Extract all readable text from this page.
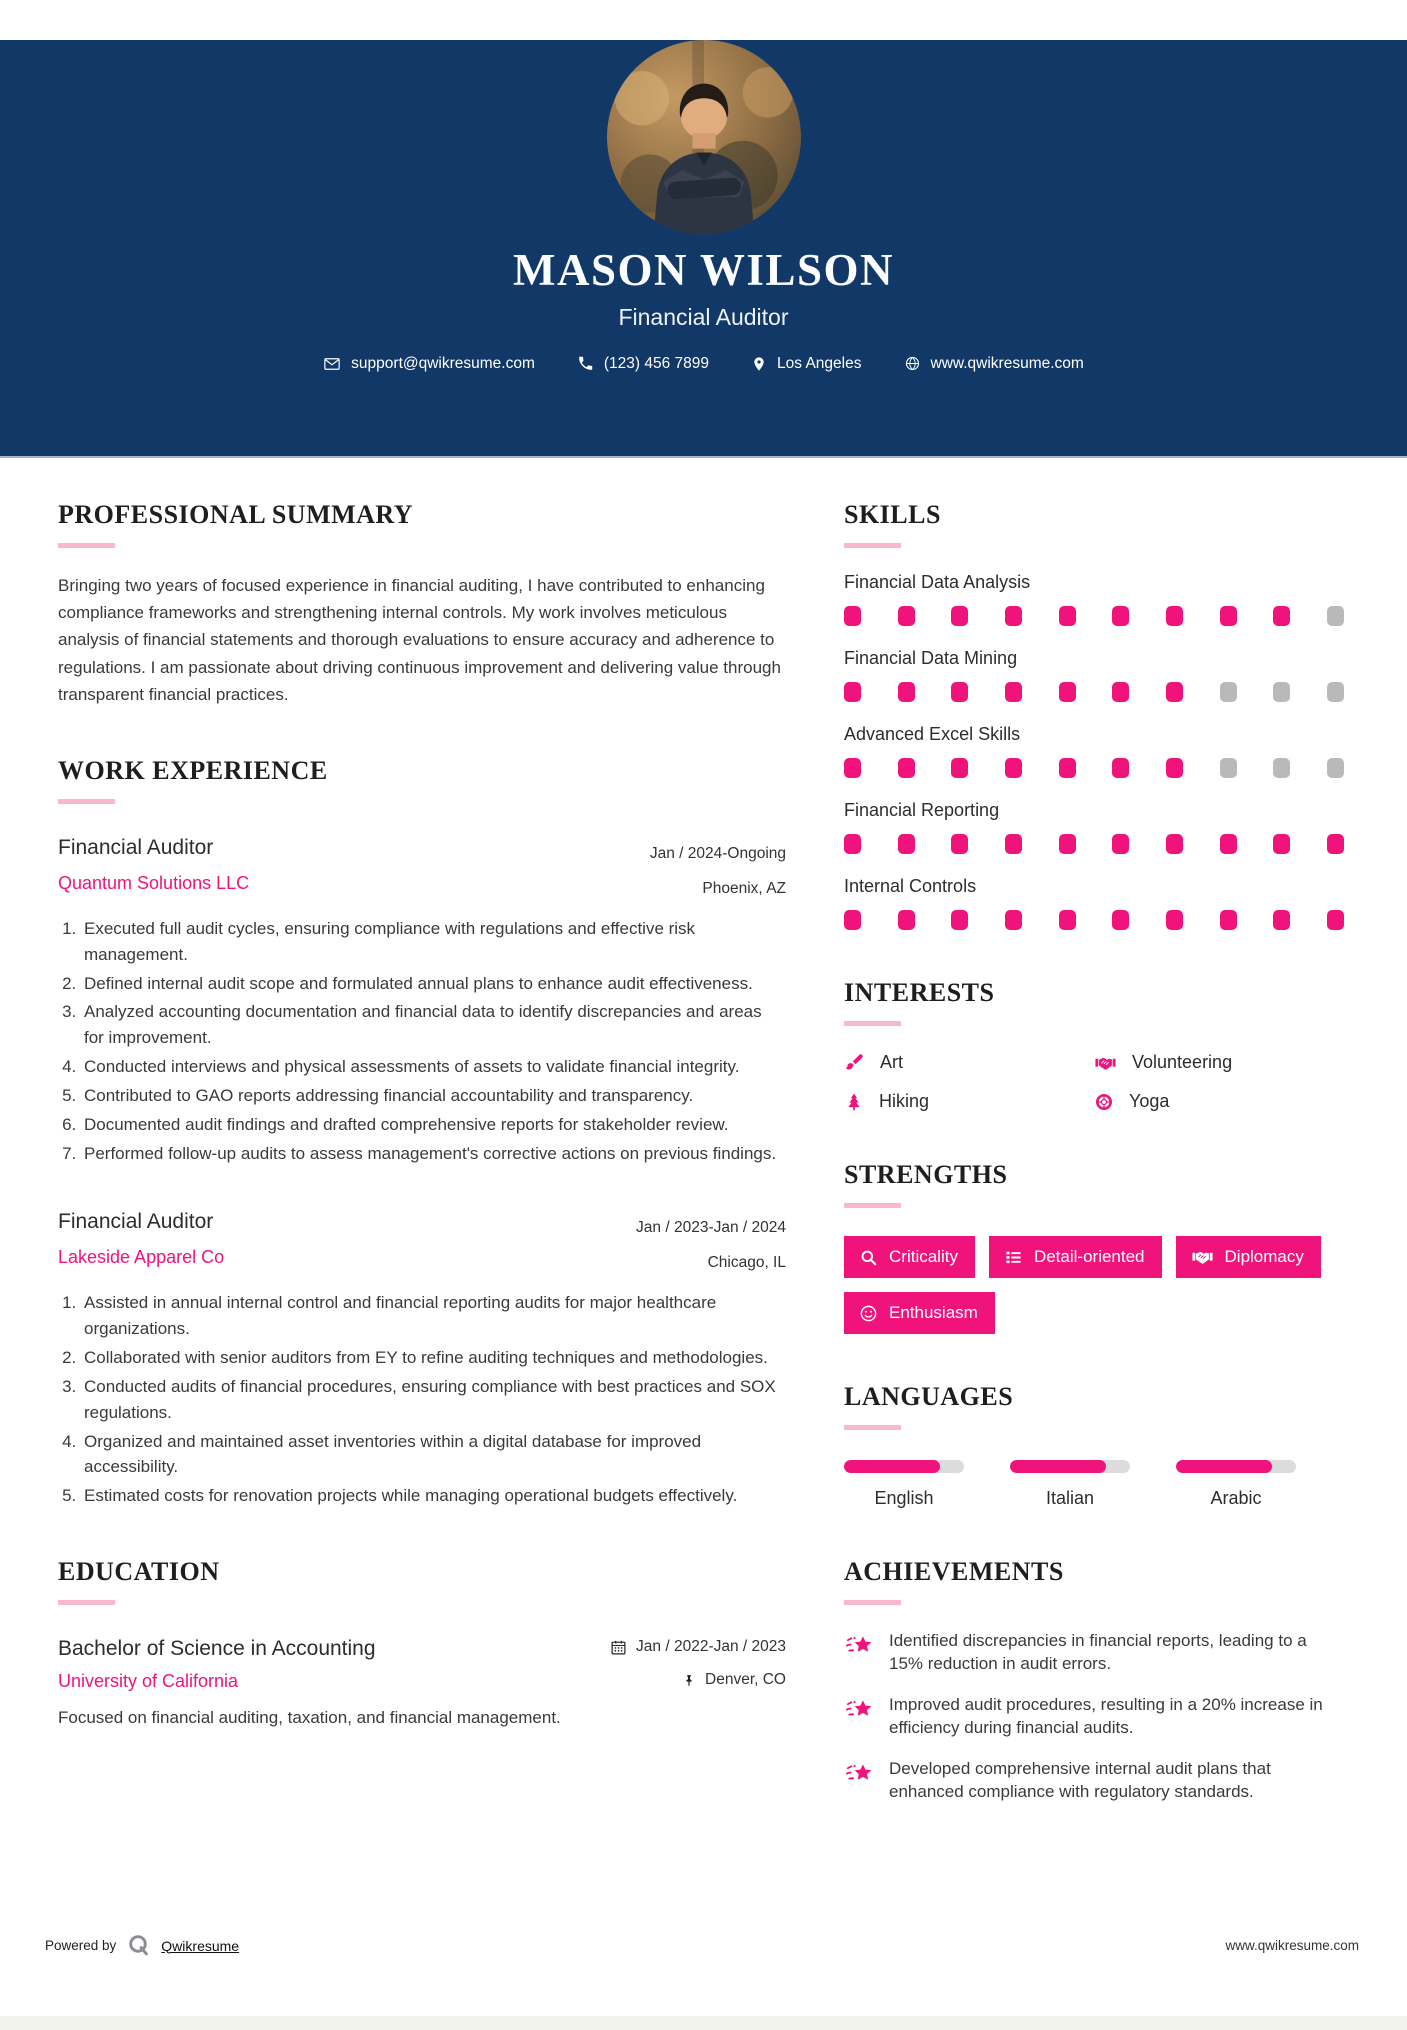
MASON WILSON
Financial Auditor
support@qwikresume.com	(123) 456 7899	Los Angeles	www.qwikresume.com
PROFESSIONAL SUMMARY

Bringing two years of focused experience in financial auditing, I have contributed to enhancing compliance frameworks and strengthening internal controls. My work involves meticulous analysis of financial statements and thorough evaluations to ensure accuracy and adherence to regulations. I am passionate about driving continuous improvement and delivering value through transparent financial practices.

WORK EXPERIENCE
Financial Auditor	Jan / 2024-Ongoing
Quantum Solutions LLC	Phoenix, AZ
1. Executed full audit cycles, ensuring compliance with regulations and effective risk management.
2. Defined internal audit scope and formulated annual plans to enhance audit effectiveness.
3. Analyzed accounting documentation and financial data to identify discrepancies and areas for improvement.
4. Conducted interviews and physical assessments of assets to validate financial integrity.
5. Contributed to GAO reports addressing financial accountability and transparency.
6. Documented audit findings and drafted comprehensive reports for stakeholder review.
7. Performed follow-up audits to assess management's corrective actions on previous findings.
Financial Auditor	Jan / 2023-Jan / 2024
Lakeside Apparel Co	Chicago, IL
1. Assisted in annual internal control and financial reporting audits for major healthcare organizations.
2. Collaborated with senior auditors from EY to refine auditing techniques and methodologies.
3. Conducted audits of financial procedures, ensuring compliance with best practices and SOX regulations.
4. Organized and maintained asset inventories within a digital database for improved accessibility.
5. Estimated costs for renovation projects while managing operational budgets effectively.
EDUCATION
Bachelor of Science in Accounting	Jan / 2022-Jan / 2023
University of California	Denver, CO

Focused on financial auditing, taxation, and financial management.

SKILLS
Financial Data Analysis
Financial Data Mining
Advanced Excel Skills
Financial Reporting
Internal Controls
INTERESTS
Art	Volunteering
Hiking	Yoga
STRENGTHS
Criticality	Detail-oriented	Diplomacy
Enthusiasm
LANGUAGES
English	Italian	Arabic
ACHIEVEMENTS
Identified discrepancies in financial reports, leading to a 15% reduction in audit errors.
Improved audit procedures, resulting in a 20% increase in efficiency during financial audits.
Developed comprehensive internal audit plans that enhanced compliance with regulatory standards.
Powered by	Qwikresume	www.qwikresume.com
